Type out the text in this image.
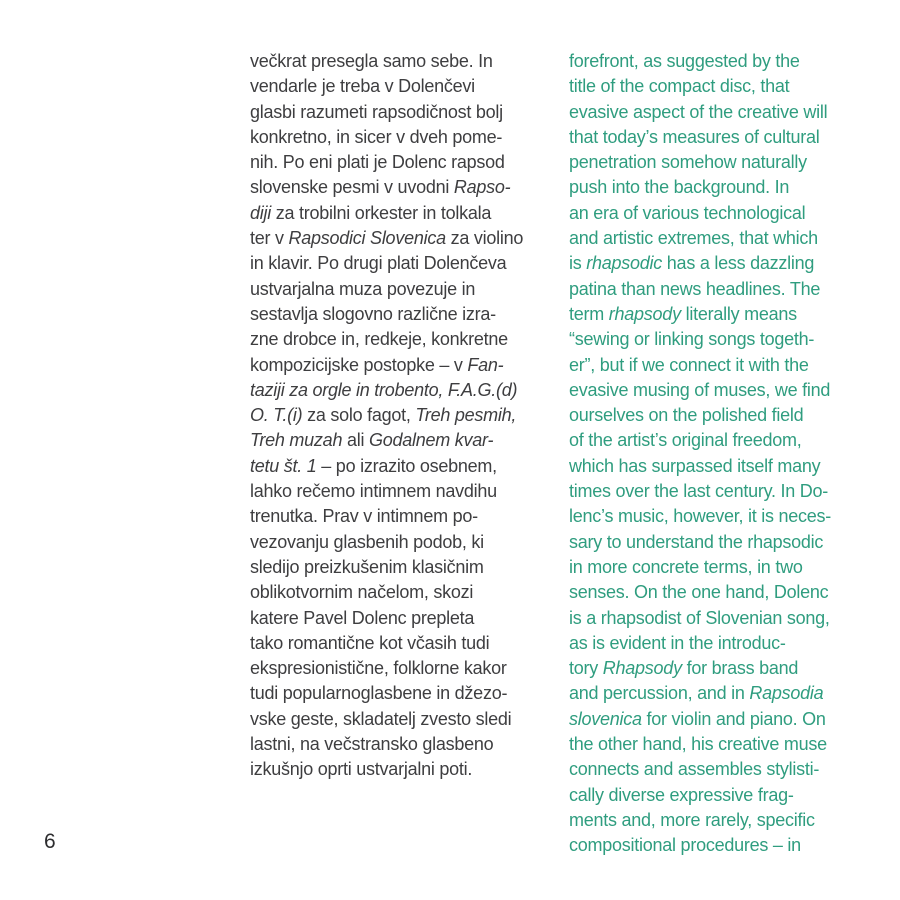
večkrat presegla samo sebe. In
vendarle je treba v Dolenčevi
glasbi razumeti rapsodičnost bolj
konkretno, in sicer v dveh pome-
nih. Po eni plati je Dolenc rapsod
slovenske pesmi v uvodni Rapso-
diji za trobilni orkester in tolkala
ter v Rapsodici Slovenica za violino
in klavir. Po drugi plati Dolenčeva
ustvarjalna muza povezuje in
sestavlja slogovno različne izra-
zne drobce in, redkeje, konkretne
kompozicijske postopke – v Fan-
taziji za orgle in trobento, F.A.G.(d)
O. T.(i) za solo fagot, Treh pesmih,
Treh muzah ali Godalnem kvar-
tetu št. 1 – po izrazito osebnem,
lahko rečemo intimnem navdihu
trenutka. Prav v intimnem po-
vezovanju glasbenih podob, ki
sledijo preizkušenim klasičnim
oblikotvornim načelom, skozi
katere Pavel Dolenc prepleta
tako romantične kot včasih tudi
ekspresionistične, folklorne kakor
tudi popularnoglasbene in džezo-
vske geste, skladatelj zvesto sledi
lastni, na večstransko glasbeno
izkušnjo oprti ustvarjalni poti.
forefront, as suggested by the
title of the compact disc, that
evasive aspect of the creative will
that today’s measures of cultural
penetration somehow naturally
push into the background. In
an era of various technological
and artistic extremes, that which
is rhapsodic has a less dazzling
patina than news headlines. The
term rhapsody literally means
“sewing or linking songs togeth-
er”, but if we connect it with the
evasive musing of muses, we find
ourselves on the polished field
of the artist’s original freedom,
which has surpassed itself many
times over the last century. In Do-
lenc’s music, however, it is neces-
sary to understand the rhapsodic
in more concrete terms, in two
senses. On the one hand, Dolenc
is a rhapsodist of Slovenian song,
as is evident in the introduc-
tory Rhapsody for brass band
and percussion, and in Rapsodia
slovenica for violin and piano. On
the other hand, his creative muse
connects and assembles stylisti-
cally diverse expressive frag-
ments and, more rarely, specific
compositional procedures – in
6
